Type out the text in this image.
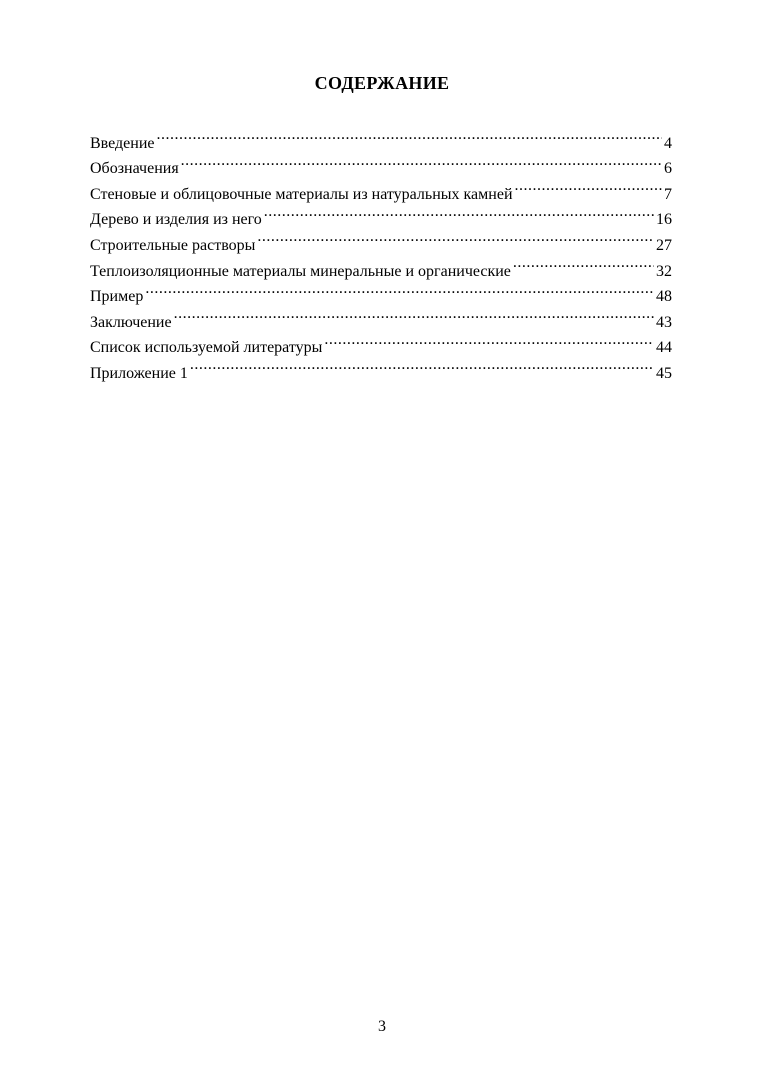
СОДЕРЖАНИЕ
Введение .....	4
Обозначения .....	6
Стеновые и облицовочные материалы из натуральных камней .....	7
Дерево и изделия из него .....	16
Строительные растворы .....	27
Теплоизоляционные материалы минеральные и органические .....	32
Пример .....	48
Заключение .....	43
Список используемой литературы .....	44
Приложение 1 .....	45
3
